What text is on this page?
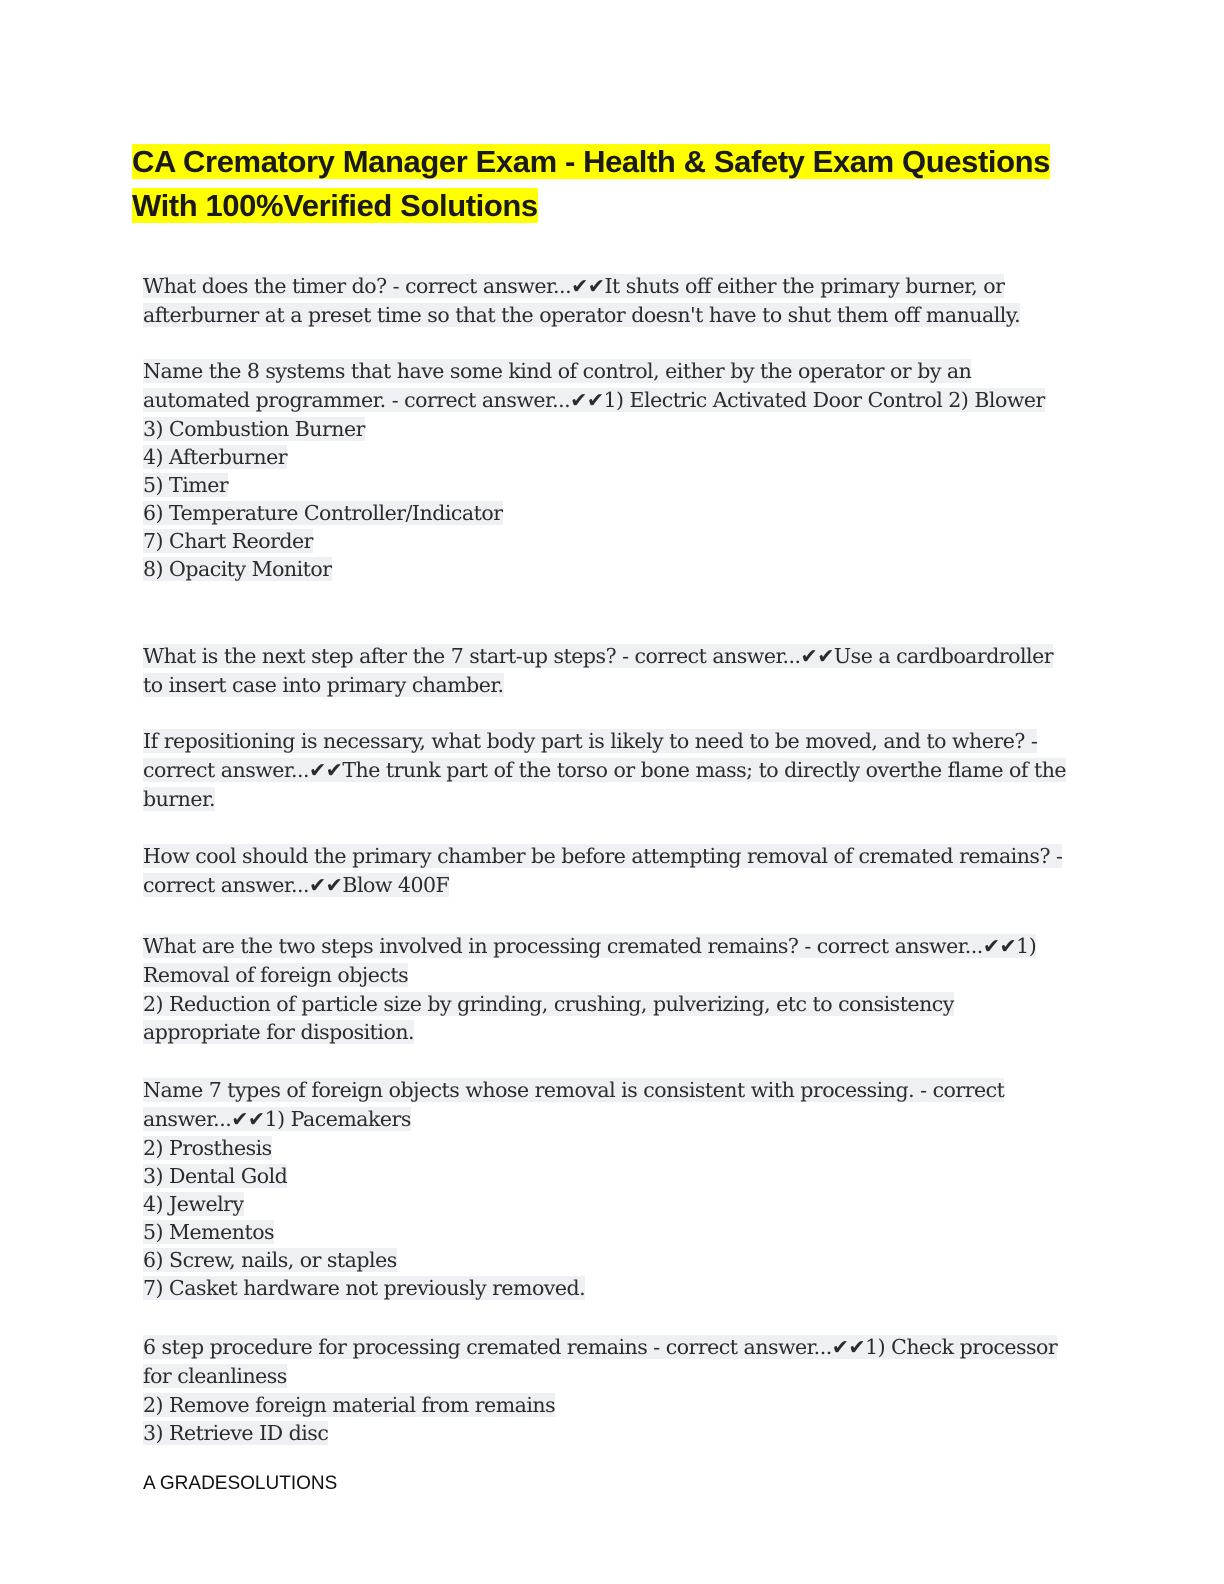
CA Crematory Manager Exam - Health & Safety Exam Questions
With 100%Verified Solutions
What does the timer do? - correct answer...✔✔It shuts off either the primary burner, or afterburner at a preset time so that the operator doesn't have to shut them off manually.
Name the 8 systems that have some kind of control, either by the operator or by an automated programmer. - correct answer...✔✔1) Electric Activated Door Control 2) Blower
3) Combustion Burner
4) Afterburner
5) Timer
6) Temperature Controller/Indicator
7) Chart Reorder
8) Opacity Monitor
What is the next step after the 7 start-up steps? - correct answer...✔✔Use a cardboardroller to insert case into primary chamber.
If repositioning is necessary, what body part is likely to need to be moved, and to where? - correct answer...✔✔The trunk part of the torso or bone mass; to directly overthe flame of the burner.
How cool should the primary chamber be before attempting removal of cremated remains? - correct answer...✔✔Blow 400F
What are the two steps involved in processing cremated remains? - correct answer...✔✔1) Removal of foreign objects
2) Reduction of particle size by grinding, crushing, pulverizing, etc to consistency appropriate for disposition.
Name 7 types of foreign objects whose removal is consistent with processing. - correct answer...✔✔1) Pacemakers
2) Prosthesis
3) Dental Gold
4) Jewelry
5) Mementos
6) Screw, nails, or staples
7) Casket hardware not previously removed.
6 step procedure for processing cremated remains - correct answer...✔✔1) Check processor for cleanliness
2) Remove foreign material from remains
3) Retrieve ID disc
A GRADESOLUTIONS
